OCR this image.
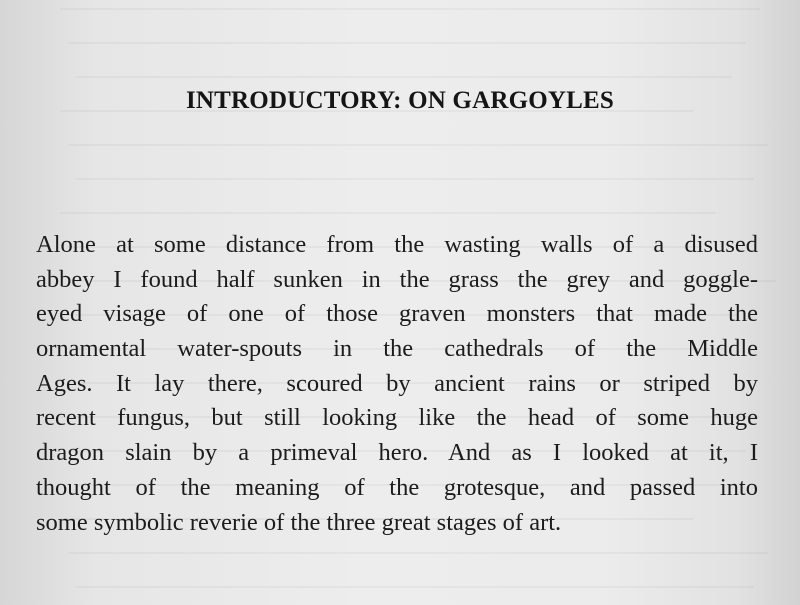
INTRODUCTORY: ON GARGOYLES
Alone at some distance from the wasting walls of a disused
abbey I found half sunken in the grass the grey and goggle-
eyed visage of one of those graven monsters that made the
ornamental water-spouts in the cathedrals of the Middle
Ages. It lay there, scoured by ancient rains or striped by
recent fungus, but still looking like the head of some huge
dragon slain by a primeval hero. And as I looked at it, I
thought of the meaning of the grotesque, and passed into
some symbolic reverie of the three great stages of art.
